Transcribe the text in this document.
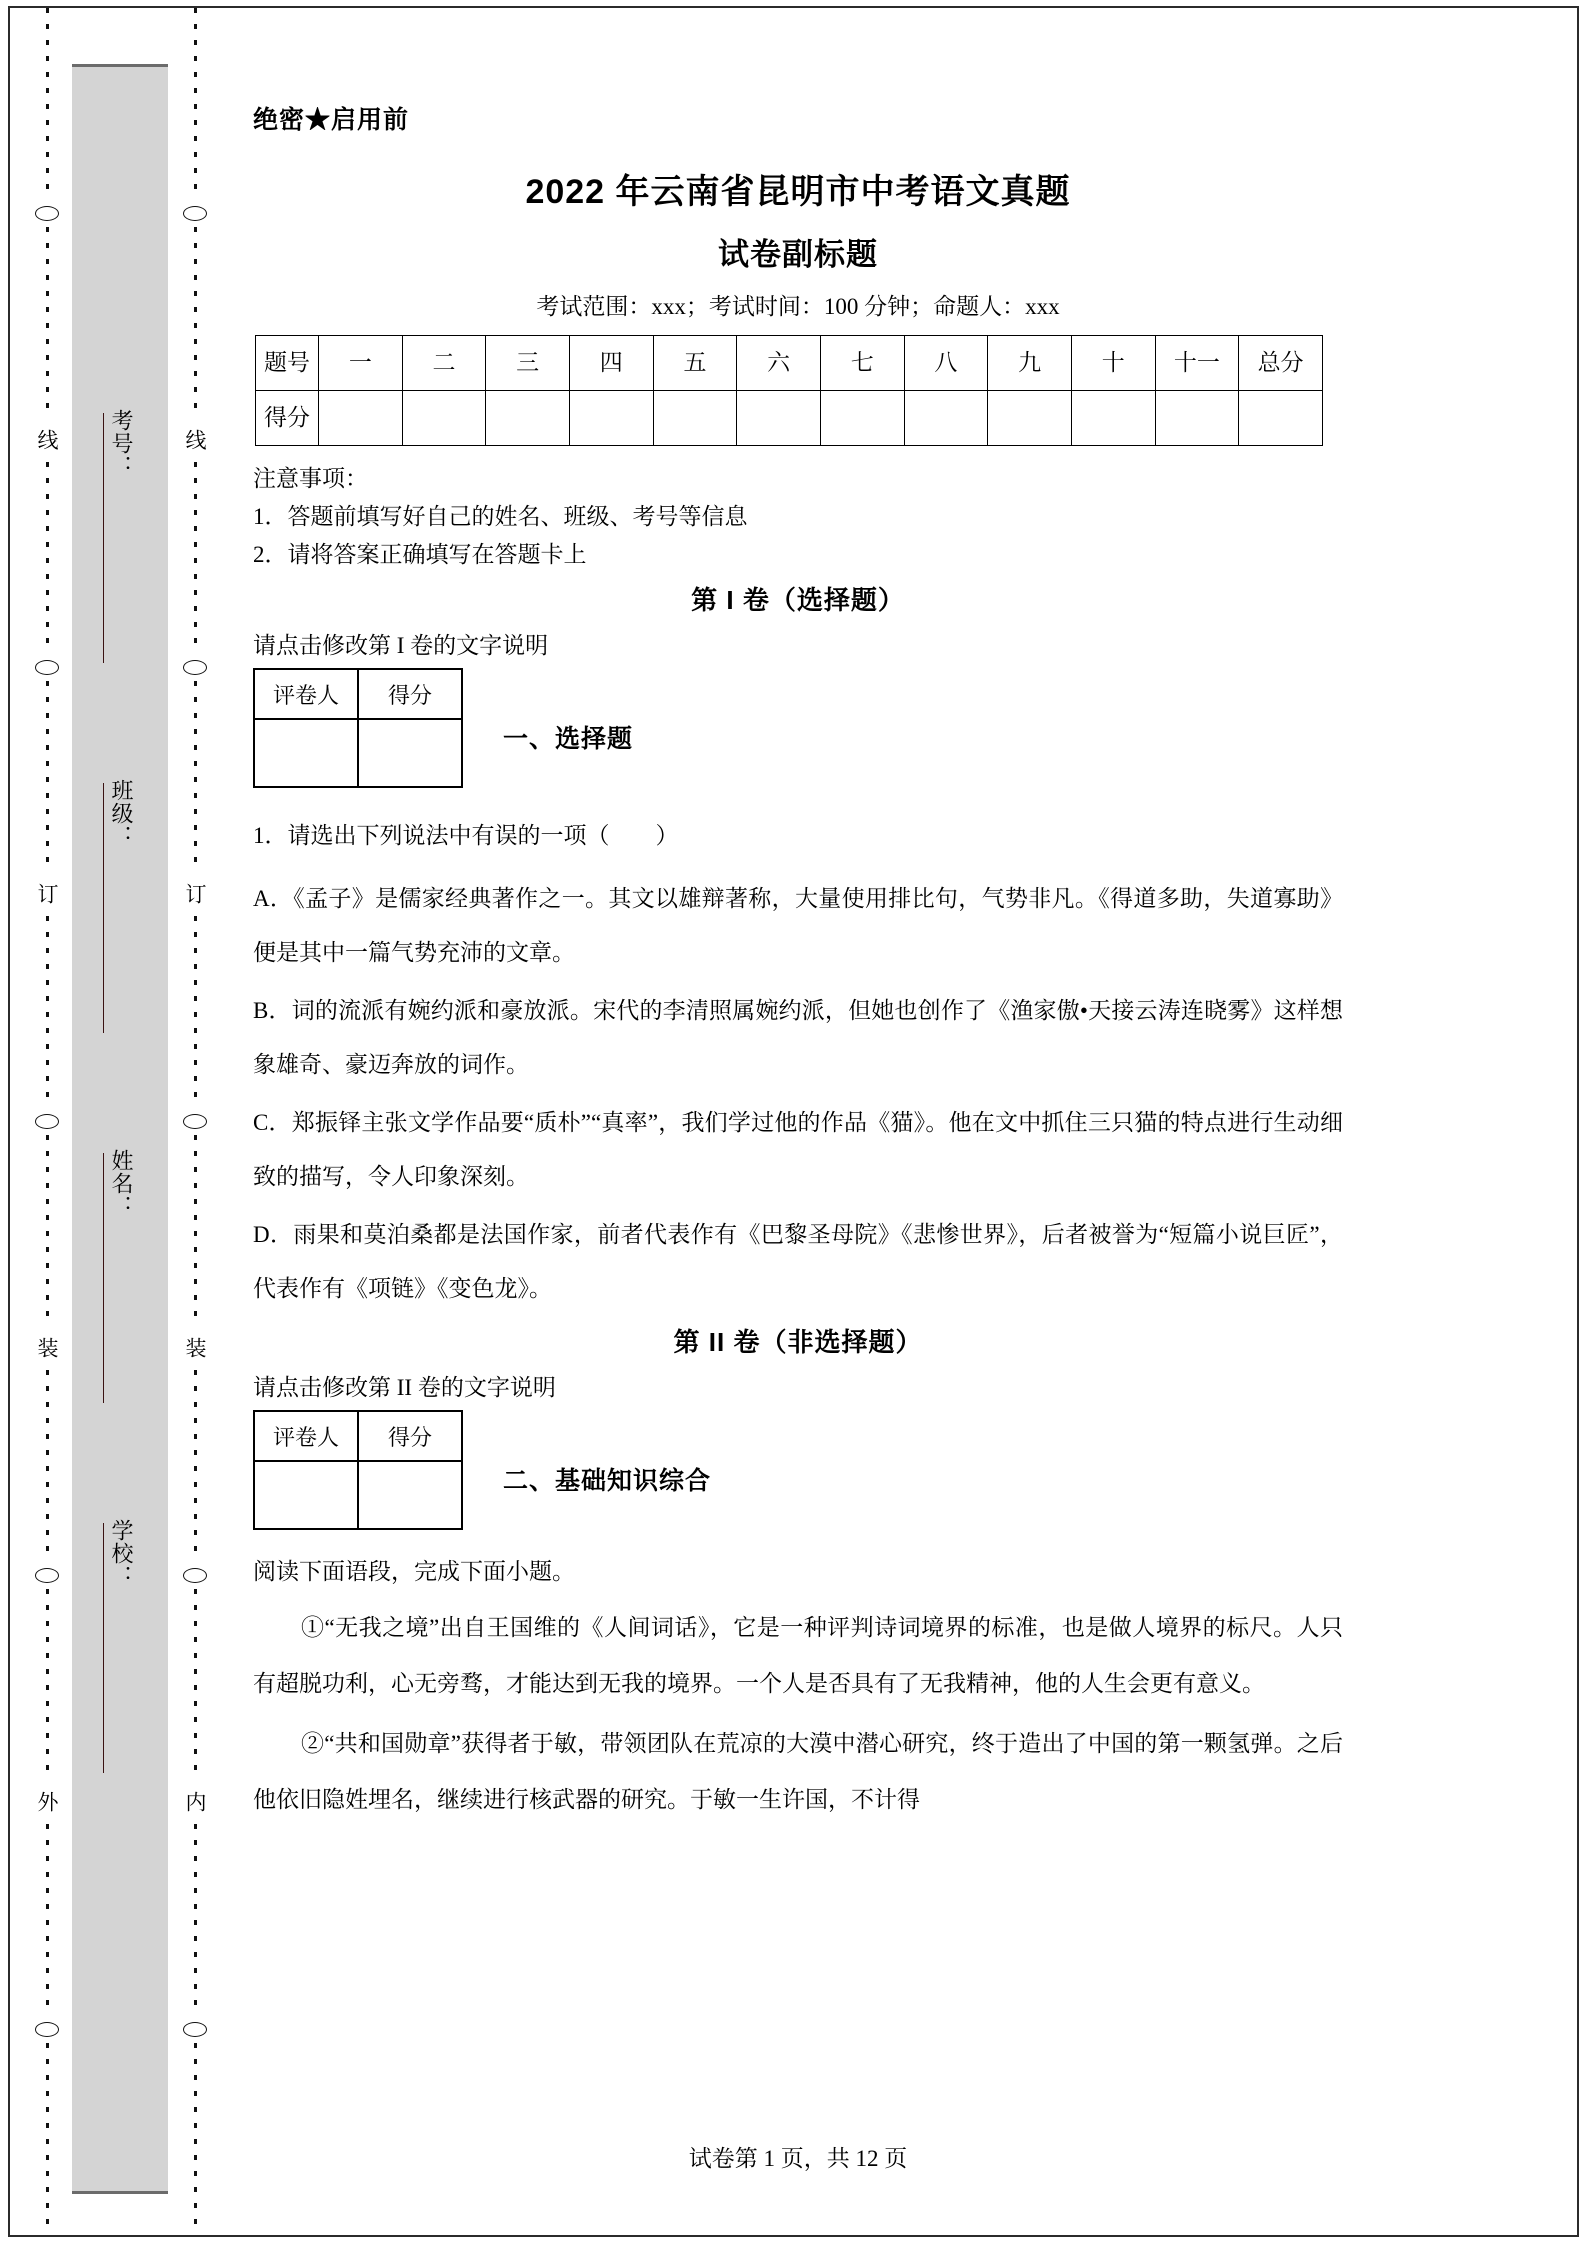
考号：
班级：
姓名：
学校：
线
订
装
外
线
订
装
内
绝密★启用前
2022 年云南省昆明市中考语文真题
试卷副标题
考试范围：xxx；考试时间：100 分钟；命题人：xxx
题号	一	二	三	四	五	六	七	八	九	十	十一	总分
得分												
注意事项：
1．答题前填写好自己的姓名、班级、考号等信息
2．请将答案正确填写在答题卡上
第 I 卷（选择题）
请点击修改第 I 卷的文字说明
评卷人	得分

一、选择题
1．请选出下列说法中有误的一项（　　）
A．《孟子》是儒家经典著作之一。其文以雄辩著称，大量使用排比句，气势非凡。《得道多助，失道寡助》便是其中一篇气势充沛的文章。
B．词的流派有婉约派和豪放派。宋代的李清照属婉约派，但她也创作了《渔家傲•天接云涛连晓雾》这样想象雄奇、豪迈奔放的词作。
C．郑振铎主张文学作品要“质朴”“真率”，我们学过他的作品《猫》。他在文中抓住三只猫的特点进行生动细致的描写，令人印象深刻。
D．雨果和莫泊桑都是法国作家，前者代表作有《巴黎圣母院》《悲惨世界》，后者被誉为“短篇小说巨匠”，代表作有《项链》《变色龙》。
第 II 卷（非选择题）
请点击修改第 II 卷的文字说明
评卷人	得分

二、基础知识综合
阅读下面语段，完成下面小题。
①“无我之境”出自王国维的《人间词话》，它是一种评判诗词境界的标准，也是做人境界的标尺。人只有超脱功利，心无旁骛，才能达到无我的境界。一个人是否具有了无我精神，他的人生会更有意义。
②“共和国勋章”获得者于敏，带领团队在荒凉的大漠中潜心研究，终于造出了中国的第一颗氢弹。之后他依旧隐姓埋名，继续进行核武器的研究。于敏一生许国，不计得
试卷第 1 页，共 12 页
